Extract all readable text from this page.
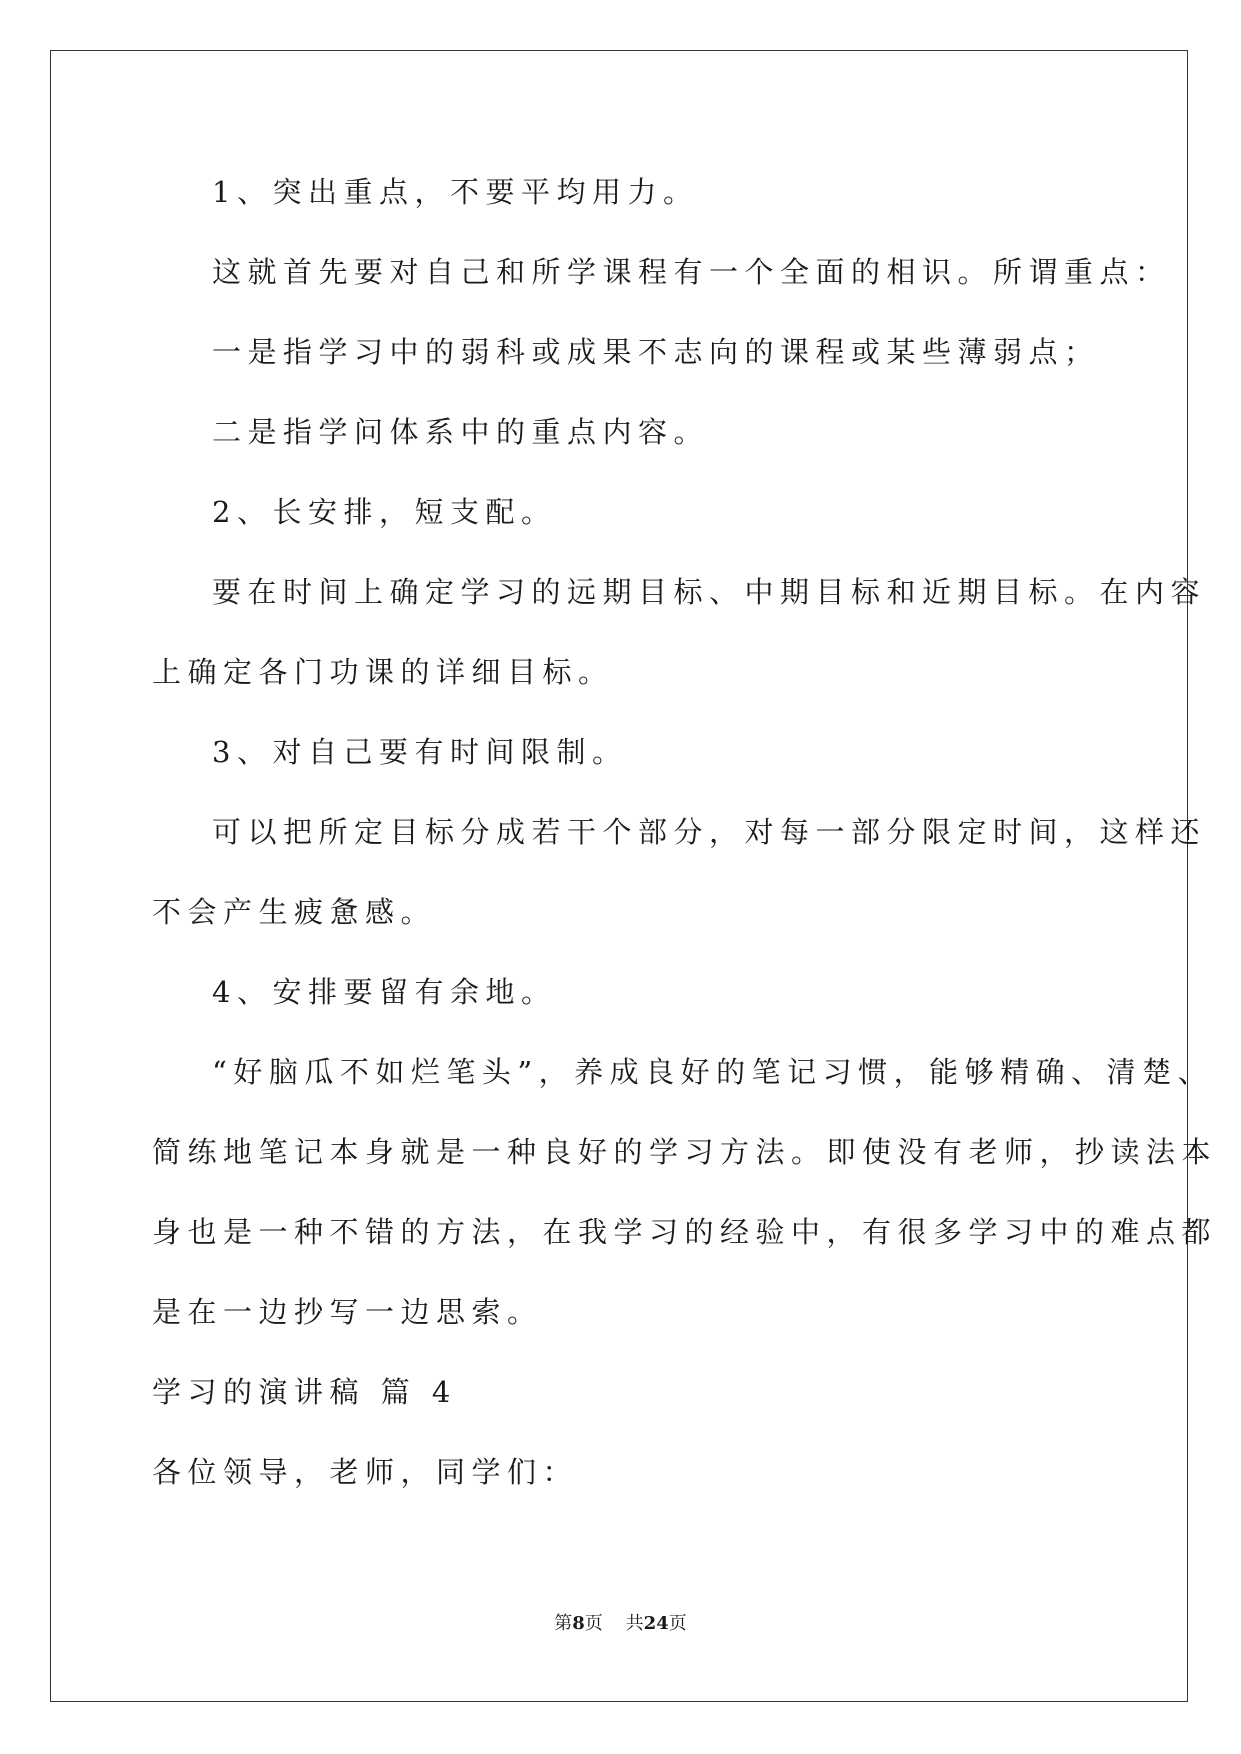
1、突出重点，不要平均用力。
这就首先要对自己和所学课程有一个全面的相识。所谓重点：
一是指学习中的弱科或成果不志向的课程或某些薄弱点；
二是指学问体系中的重点内容。
2、长安排，短支配。
要在时间上确定学习的远期目标、中期目标和近期目标。在内容
上确定各门功课的详细目标。
3、对自己要有时间限制。
可以把所定目标分成若干个部分，对每一部分限定时间，这样还
不会产生疲惫感。
4、安排要留有余地。
“好脑瓜不如烂笔头”，养成良好的笔记习惯，能够精确、清楚、
简练地笔记本身就是一种良好的学习方法。即使没有老师，抄读法本
身也是一种不错的方法，在我学习的经验中，有很多学习中的难点都
是在一边抄写一边思索。
学习的演讲稿 篇 4
各位领导，老师，同学们：
第8页 共24页
